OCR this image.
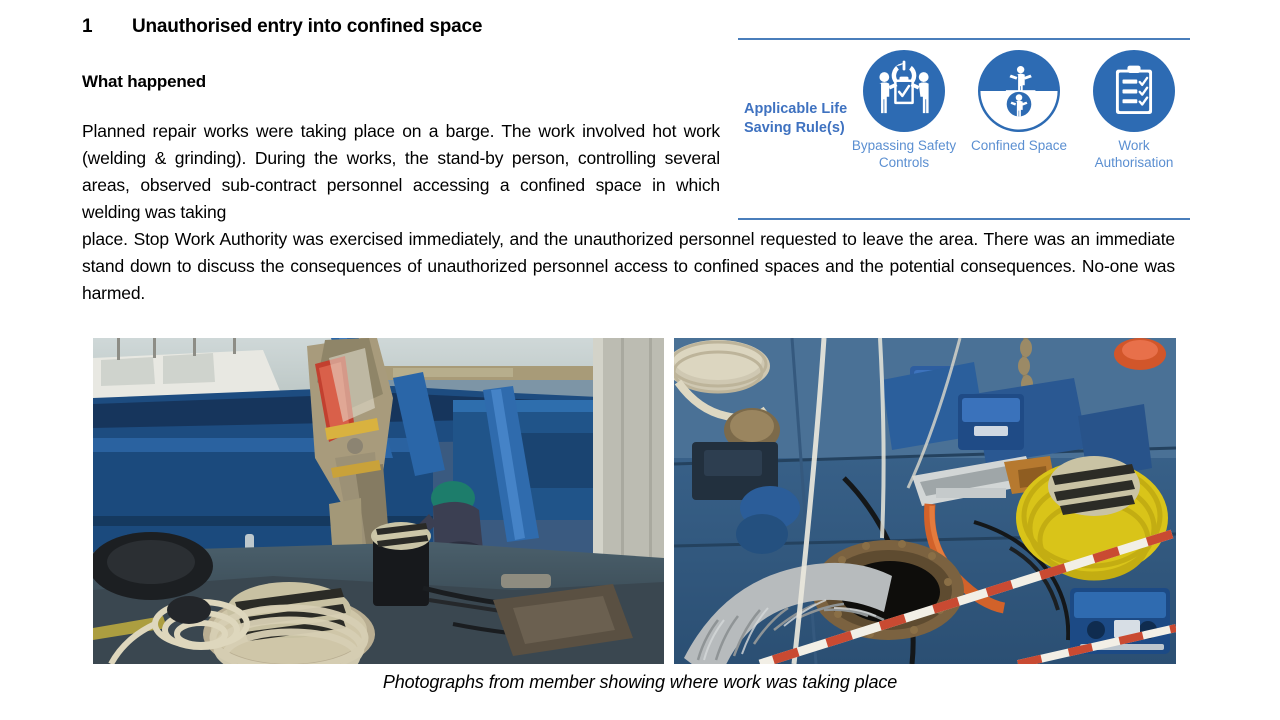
1 Unauthorised entry into confined space
What happened
Planned repair works were taking place on a barge. The work involved hot work (welding & grinding). During the works, the stand-by person, controlling several areas, observed sub-contract personnel accessing a confined space in which welding was taking
place. Stop Work Authority was exercised immediately, and the unauthorized personnel requested to leave the area. There was an immediate stand down to discuss the consequences of unauthorized personnel access to confined spaces and the potential consequences. No-one was harmed.
Applicable Life Saving Rule(s)
Bypassing Safety Controls
Confined Space	Work Authorisation
Photographs from member showing where work was taking place
